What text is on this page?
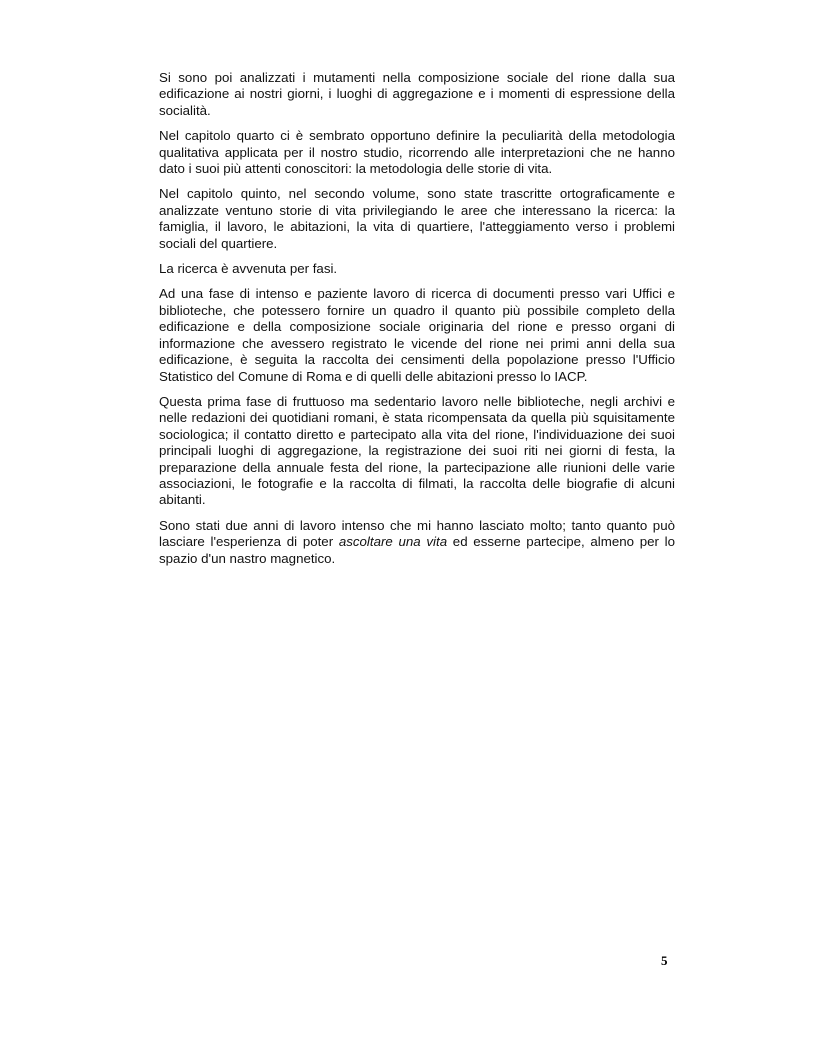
Si sono poi analizzati i mutamenti nella composizione sociale del rione dalla sua edificazione ai nostri giorni, i luoghi di aggregazione e i momenti di espressione della socialità.

Nel capitolo quarto ci è sembrato opportuno definire la peculiarità della metodologia qualitativa applicata per il nostro studio, ricorrendo alle interpretazioni che ne hanno dato i suoi più attenti conoscitori: la metodologia delle storie di vita.

Nel capitolo quinto, nel secondo volume, sono state trascritte ortograficamente e analizzate ventuno storie di vita privilegiando le aree che interessano la ricerca: la famiglia, il lavoro, le abitazioni, la vita di quartiere, l'atteggiamento verso i problemi sociali del quartiere.

La ricerca è avvenuta per fasi.

Ad una fase di intenso e paziente lavoro di ricerca di documenti presso vari Uffici e biblioteche, che potessero fornire un quadro il quanto più possibile completo della edificazione e della composizione sociale originaria del rione e presso organi di informazione che avessero registrato le vicende del rione nei primi anni della sua edificazione, è seguita la raccolta dei censimenti della popolazione presso l'Ufficio Statistico del Comune di Roma e di quelli delle abitazioni presso lo IACP.

Questa prima fase di fruttuoso ma sedentario lavoro nelle biblioteche, negli archivi e nelle redazioni dei quotidiani romani, è stata ricompensata da quella più squisitamente sociologica; il contatto diretto e partecipato alla vita del rione, l'individuazione dei suoi principali luoghi di aggregazione, la registrazione dei suoi riti nei giorni di festa, la preparazione della annuale festa del rione, la partecipazione alle riunioni delle varie associazioni, le fotografie e la raccolta di filmati, la raccolta delle biografie di alcuni abitanti.

Sono stati due anni di lavoro intenso che mi hanno lasciato molto; tanto quanto può lasciare l'esperienza di poter ascoltare una vita ed esserne partecipe, almeno per lo spazio d'un nastro magnetico.

5
